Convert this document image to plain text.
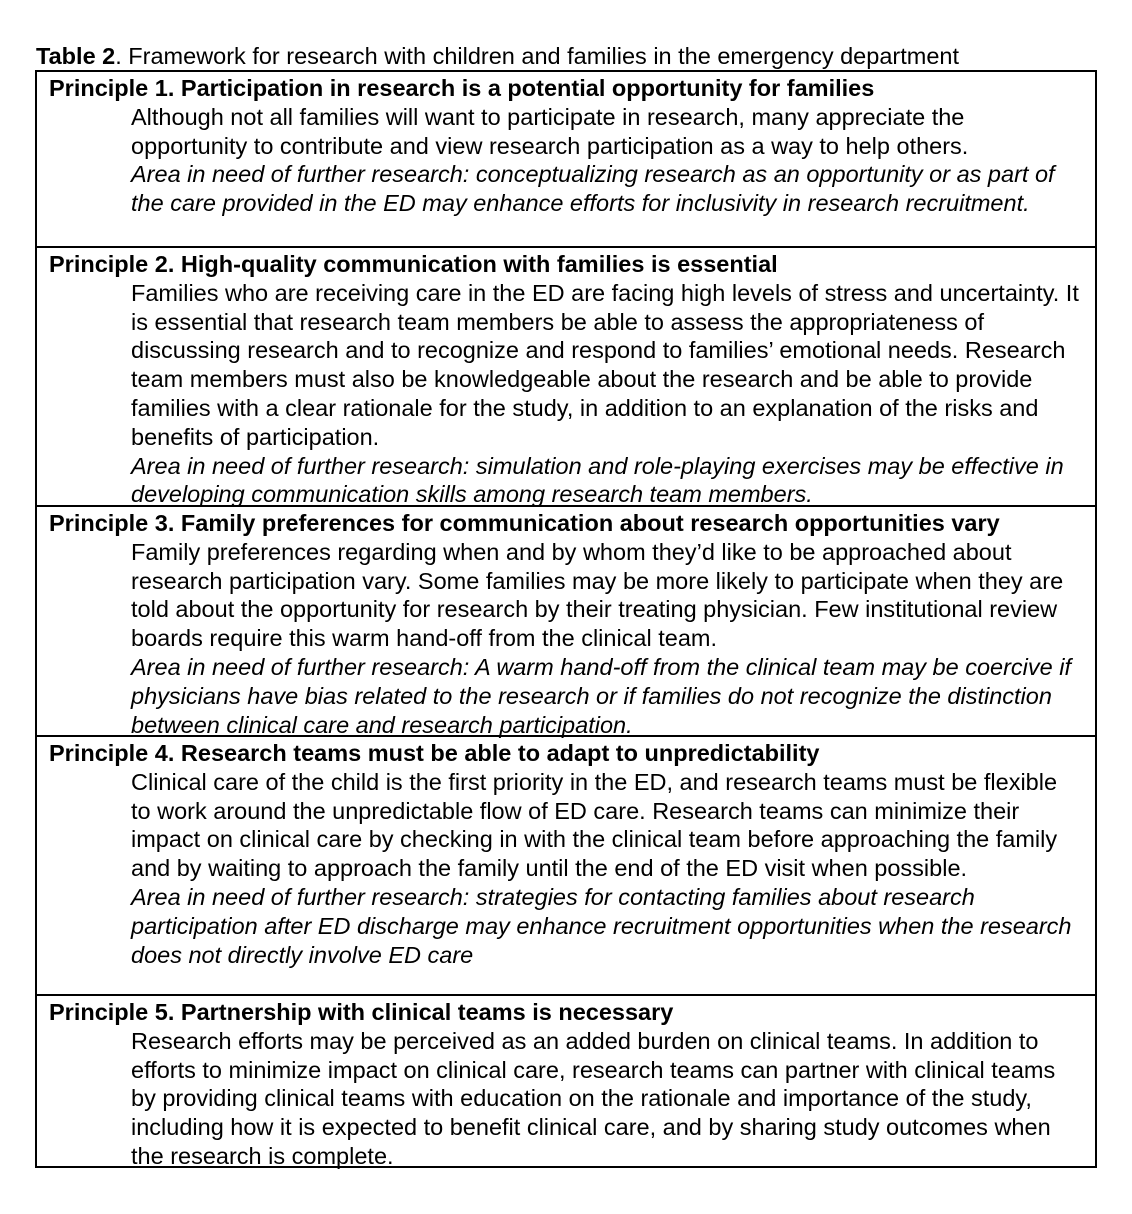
Table 2. Framework for research with children and families in the emergency department
Principle 1. Participation in research is a potential opportunity for families
Although not all families will want to participate in research, many appreciate the opportunity to contribute and view research participation as a way to help others.
Area in need of further research: conceptualizing research as an opportunity or as part of the care provided in the ED may enhance efforts for inclusivity in research recruitment.
Principle 2. High-quality communication with families is essential
Families who are receiving care in the ED are facing high levels of stress and uncertainty. It is essential that research team members be able to assess the appropriateness of discussing research and to recognize and respond to families’ emotional needs. Research team members must also be knowledgeable about the research and be able to provide families with a clear rationale for the study, in addition to an explanation of the risks and benefits of participation.
Area in need of further research: simulation and role-playing exercises may be effective in developing communication skills among research team members.
Principle 3. Family preferences for communication about research opportunities vary
Family preferences regarding when and by whom they’d like to be approached about research participation vary. Some families may be more likely to participate when they are told about the opportunity for research by their treating physician. Few institutional review boards require this warm hand-off from the clinical team.
Area in need of further research: A warm hand-off from the clinical team may be coercive if physicians have bias related to the research or if families do not recognize the distinction between clinical care and research participation.
Principle 4. Research teams must be able to adapt to unpredictability
Clinical care of the child is the first priority in the ED, and research teams must be flexible to work around the unpredictable flow of ED care. Research teams can minimize their impact on clinical care by checking in with the clinical team before approaching the family and by waiting to approach the family until the end of the ED visit when possible.
Area in need of further research: strategies for contacting families about research participation after ED discharge may enhance recruitment opportunities when the research does not directly involve ED care
Principle 5. Partnership with clinical teams is necessary
Research efforts may be perceived as an added burden on clinical teams. In addition to efforts to minimize impact on clinical care, research teams can partner with clinical teams by providing clinical teams with education on the rationale and importance of the study, including how it is expected to benefit clinical care, and by sharing study outcomes when the research is complete.
